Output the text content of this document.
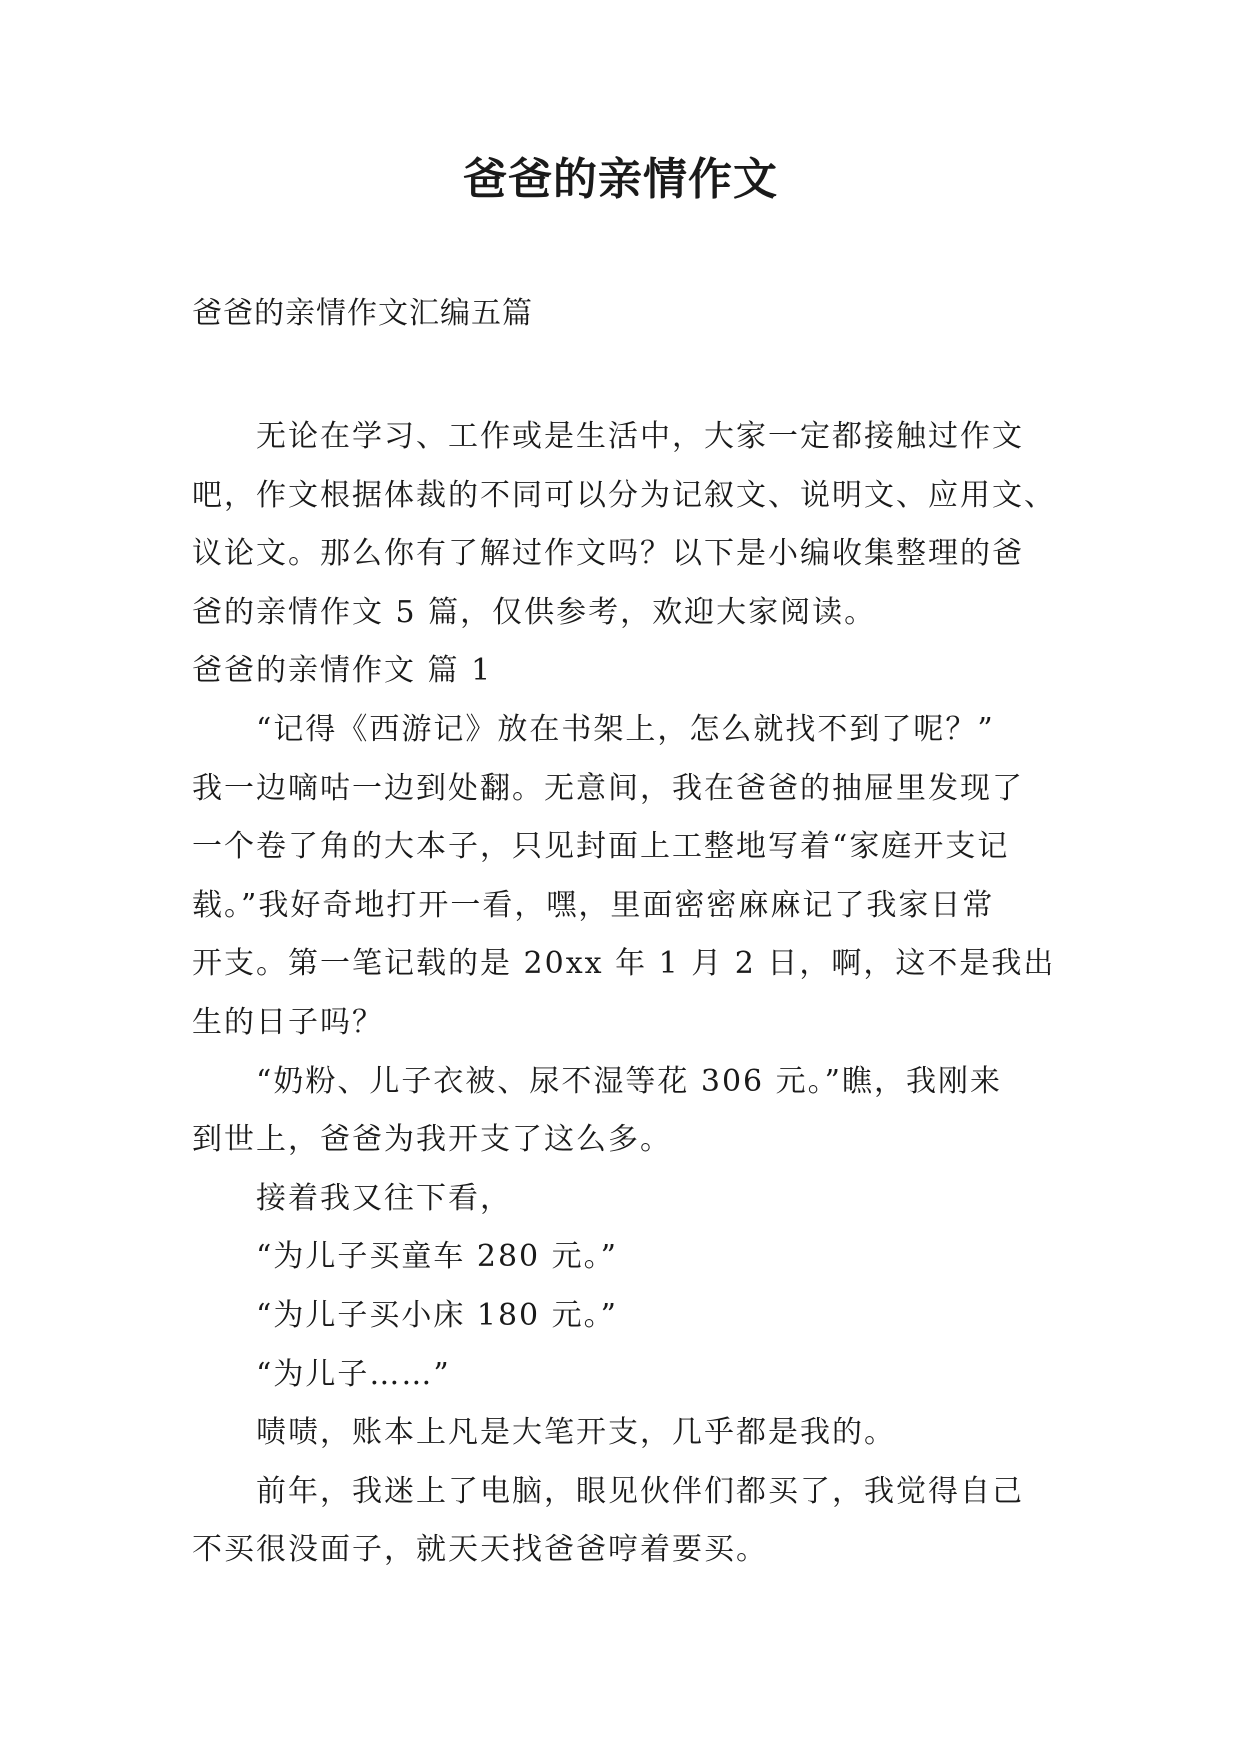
爸爸的亲情作文
爸爸的亲情作文汇编五篇
无论在学习、工作或是生活中，大家一定都接触过作文
吧，作文根据体裁的不同可以分为记叙文、说明文、应用文、
议论文。那么你有了解过作文吗？以下是小编收集整理的爸
爸的亲情作文 5 篇，仅供参考，欢迎大家阅读。
爸爸的亲情作文 篇 1
“记得《西游记》放在书架上，怎么就找不到了呢？”
我一边嘀咕一边到处翻。无意间，我在爸爸的抽屉里发现了
一个卷了角的大本子，只见封面上工整地写着“家庭开支记
载。”我好奇地打开一看，嘿，里面密密麻麻记了我家日常
开支。第一笔记载的是 20xx 年 1 月 2 日，啊，这不是我出
生的日子吗？
“奶粉、儿子衣被、尿不湿等花 306 元。”瞧，我刚来
到世上，爸爸为我开支了这么多。
接着我又往下看，
“为儿子买童车 280 元。”
“为儿子买小床 180 元。”
“为儿子……”
啧啧，账本上凡是大笔开支，几乎都是我的。
前年，我迷上了电脑，眼见伙伴们都买了，我觉得自己
不买很没面子，就天天找爸爸哼着要买。
